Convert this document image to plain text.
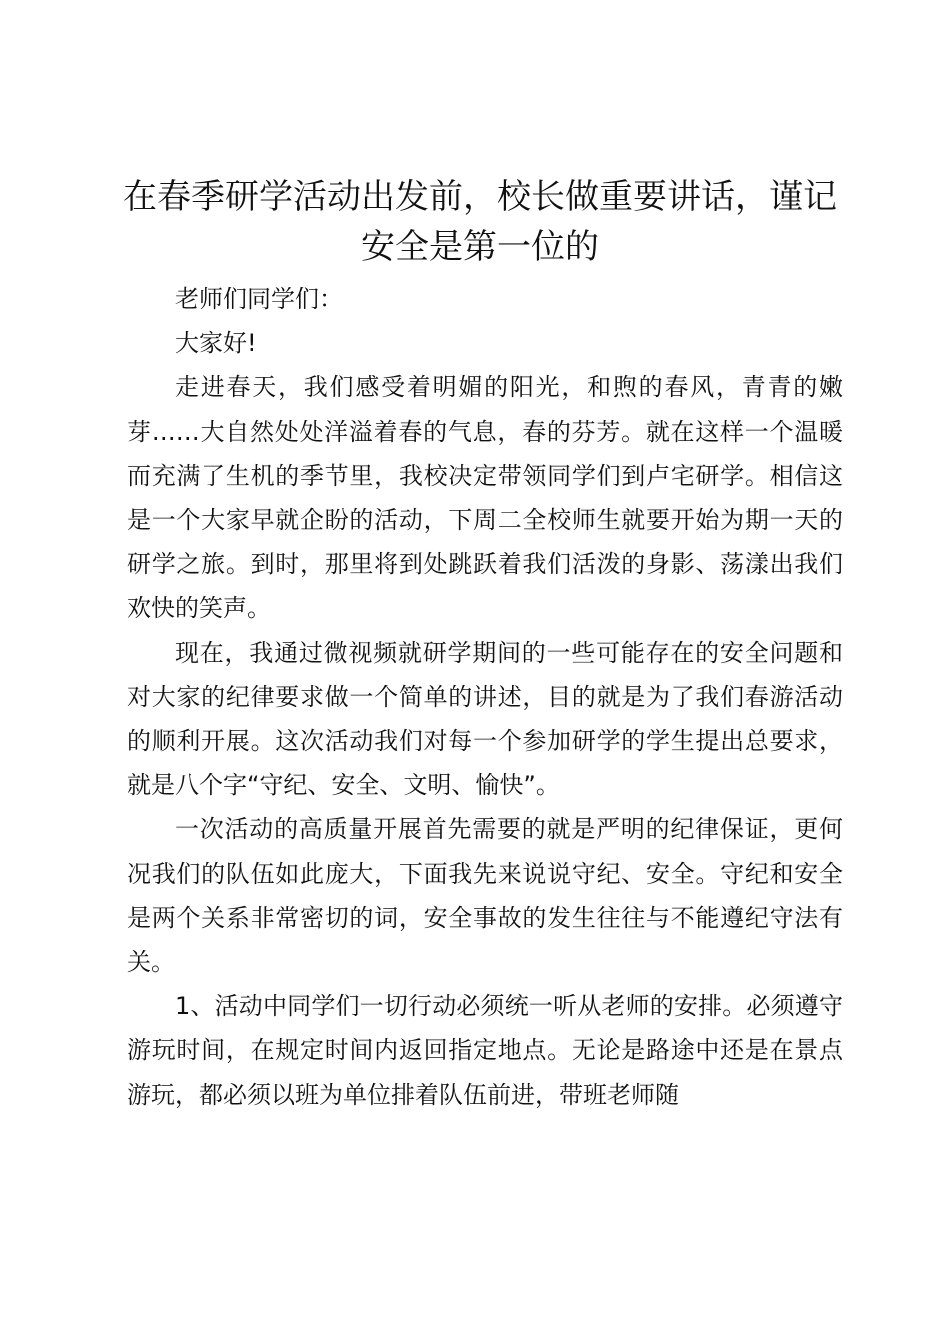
在春季研学活动出发前，校长做重要讲话，谨记安全是第一位的

老师们同学们：

大家好!

走进春天，我们感受着明媚的阳光，和煦的春风，青青的嫩芽……大自然处处洋溢着春的气息，春的芬芳。就在这样一个温暖而充满了生机的季节里，我校决定带领同学们到卢宅研学。相信这是一个大家早就企盼的活动，下周二全校师生就要开始为期一天的研学之旅。到时，那里将到处跳跃着我们活泼的身影、荡漾出我们欢快的笑声。

现在，我通过微视频就研学期间的一些可能存在的安全问题和对大家的纪律要求做一个简单的讲述，目的就是为了我们春游活动的顺利开展。这次活动我们对每一个参加研学的学生提出总要求，就是八个字“守纪、安全、文明、愉快”。

一次活动的高质量开展首先需要的就是严明的纪律保证，更何况我们的队伍如此庞大，下面我先来说说守纪、安全。守纪和安全是两个关系非常密切的词，安全事故的发生往往与不能遵纪守法有关。

1、活动中同学们一切行动必须统一听从老师的安排。必须遵守游玩时间，在规定时间内返回指定地点。无论是路途中还是在景点游玩，都必须以班为单位排着队伍前进，带班老师随
